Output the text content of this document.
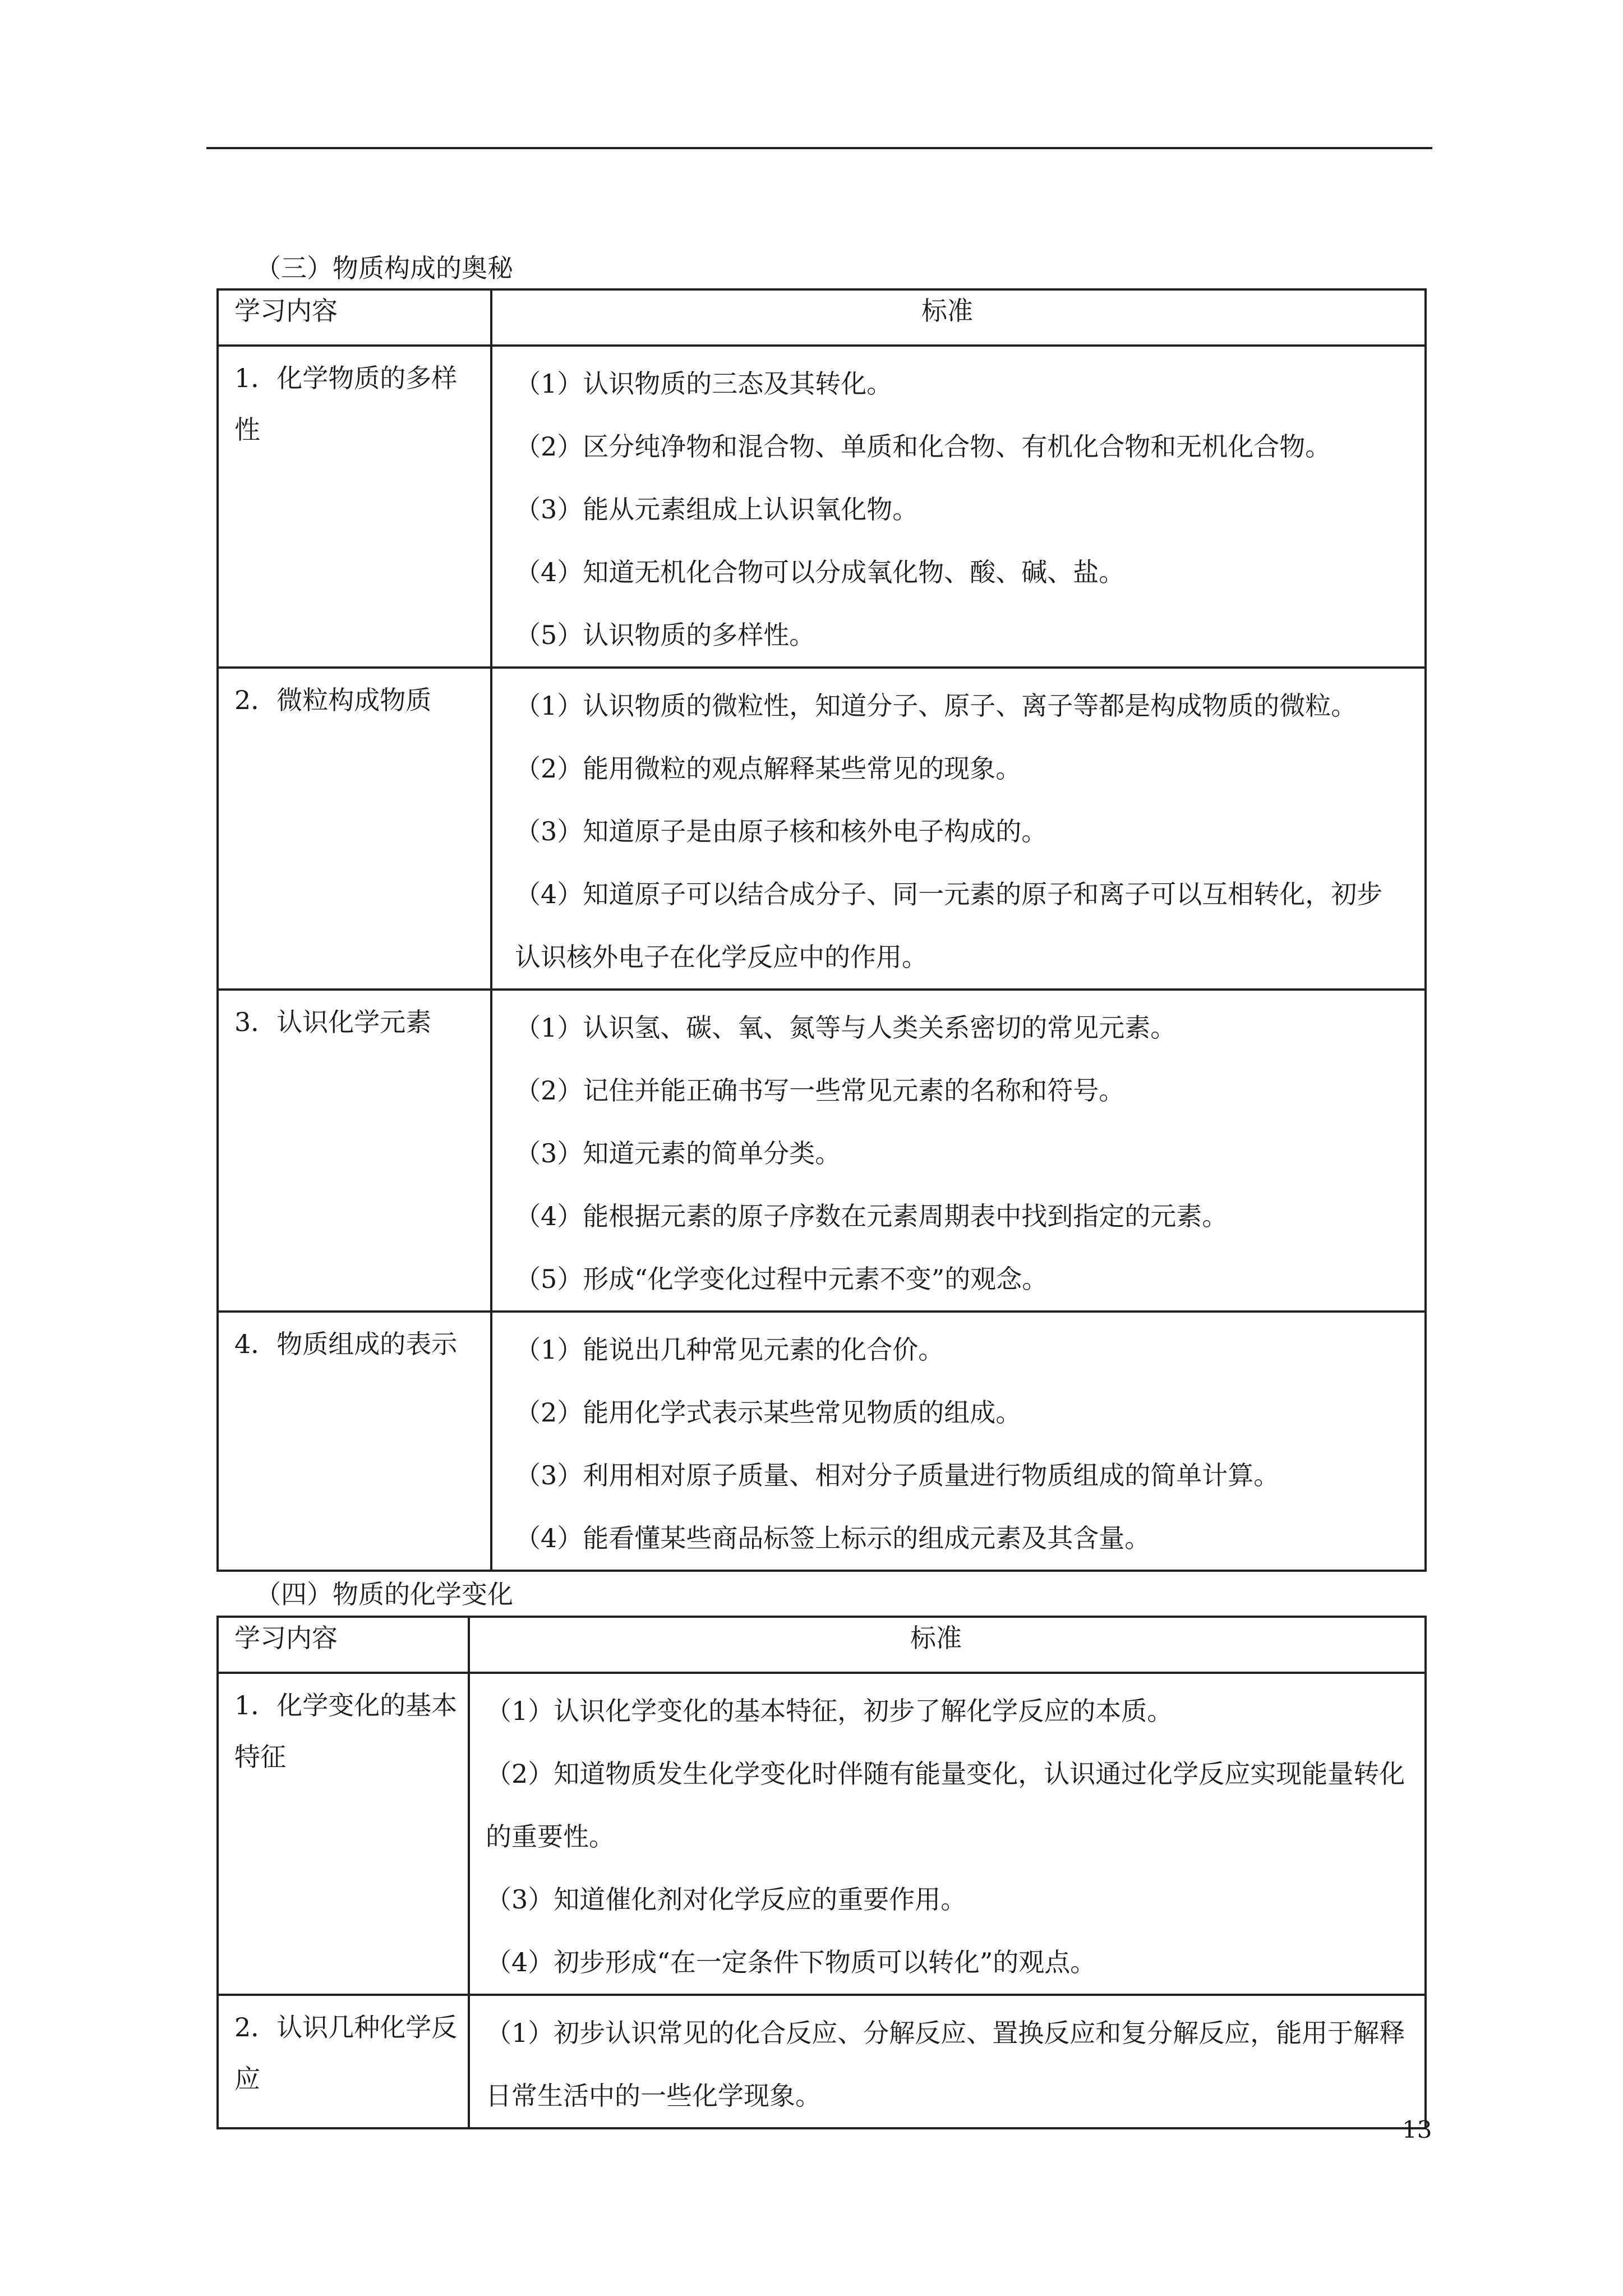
（三）物质构成的奥秘
学习内容	标准

1．化学物质的多样性	（1）认识物质的三态及其转化。
（2）区分纯净物和混合物、单质和化合物、有机化合物和无机化合物。
（3）能从元素组成上认识氧化物。
（4）知道无机化合物可以分成氧化物、酸、碱、盐。
（5）认识物质的多样性。

2．微粒构成物质	（1）认识物质的微粒性，知道分子、原子、离子等都是构成物质的微粒。
（2）能用微粒的观点解释某些常见的现象。
（3）知道原子是由原子核和核外电子构成的。
（4）知道原子可以结合成分子、同一元素的原子和离子可以互相转化，初步认识核外电子在化学反应中的作用。

3．认识化学元素	（1）认识氢、碳、氧、氮等与人类关系密切的常见元素。
（2）记住并能正确书写一些常见元素的名称和符号。
（3）知道元素的简单分类。
（4）能根据元素的原子序数在元素周期表中找到指定的元素。
（5）形成“化学变化过程中元素不变”的观念。

4．物质组成的表示	（1）能说出几种常见元素的化合价。
（2）能用化学式表示某些常见物质的组成。
（3）利用相对原子质量、相对分子质量进行物质组成的简单计算。
（4）能看懂某些商品标签上标示的组成元素及其含量。
（四）物质的化学变化
学习内容	标准

1．化学变化的基本特征	（1）认识化学变化的基本特征，初步了解化学反应的本质。
（2）知道物质发生化学变化时伴随有能量变化，认识通过化学反应实现能量转化的重要性。
（3）知道催化剂对化学反应的重要作用。
（4）初步形成“在一定条件下物质可以转化”的观点。

2．认识几种化学反应	（1）初步认识常见的化合反应、分解反应、置换反应和复分解反应，能用于解释日常生活中的一些化学现象。
13
